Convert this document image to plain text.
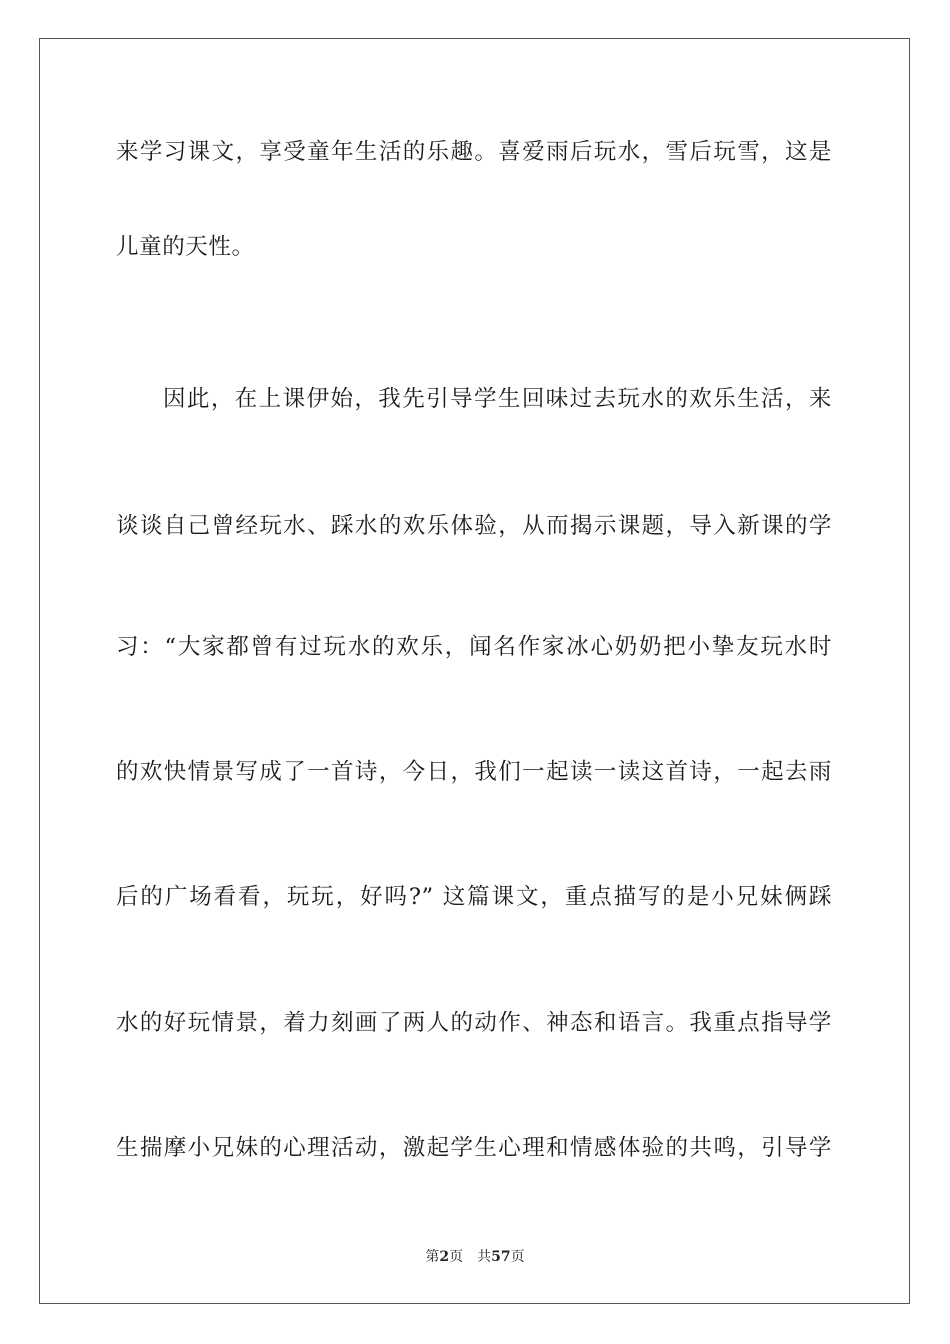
来学习课文，享受童年生活的乐趣。喜爱雨后玩水，雪后玩雪，这是
儿童的天性。
因此，在上课伊始，我先引导学生回味过去玩水的欢乐生活，来
谈谈自己曾经玩水、踩水的欢乐体验，从而揭示课题，导入新课的学
习：“大家都曾有过玩水的欢乐，闻名作家冰心奶奶把小挚友玩水时
的欢快情景写成了一首诗，今日，我们一起读一读这首诗，一起去雨
后的广场看看，玩玩，好吗?” 这篇课文，重点描写的是小兄妹俩踩
水的好玩情景，着力刻画了两人的动作、神态和语言。我重点指导学
生揣摩小兄妹的心理活动，激起学生心理和情感体验的共鸣，引导学
第2页 共57页
